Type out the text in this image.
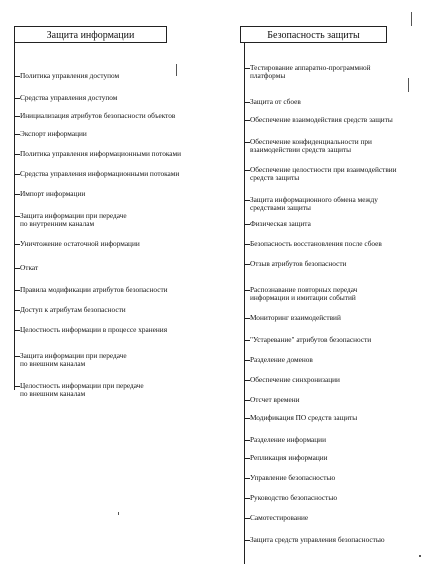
Защита информации	Безопасность защиты
Политика управления доступом
Средства управления доступом
Инициализация атрибутов безопасности объектов
Экспорт информации
Политика управления информационными потоками
Средства управления информационными потоками
Импорт информации
Защита информации при передаче
по внутренним каналам
Уничтожение остаточной информации
Откат
Правила модификации атрибутов безопасности
Доступ к атрибутам безопасности
Целостность информации в процессе хранения
Защита информации при передаче
по внешним каналам
Целостность информации при передаче
по внешним каналам
Тестирование аппаратно-программной
платформы
Защита от сбоев
Обеспечение взаимодействия средств защиты
Обеспечение конфиденциальности при
взаимодействии средств защиты
Обеспечение целостности при взаимодействии
средств защиты
Защита информационного обмена между
средствами защиты
Физическая защита
Безопасность восстановления после сбоев
Отзыв атрибутов безопасности
Распознавание повторных передач
информации и имитации событий
Мониторинг взаимодействий
"Устаревание" атрибутов безопасности
Разделение доменов
Обеспечение синхронизации
Отсчет времени
Модификация ПО средств защиты
Разделение информации
Репликация информации
Управление безопасностью
Руководство безопасностью
Самотестирование
Защита средств управления безопасностью
